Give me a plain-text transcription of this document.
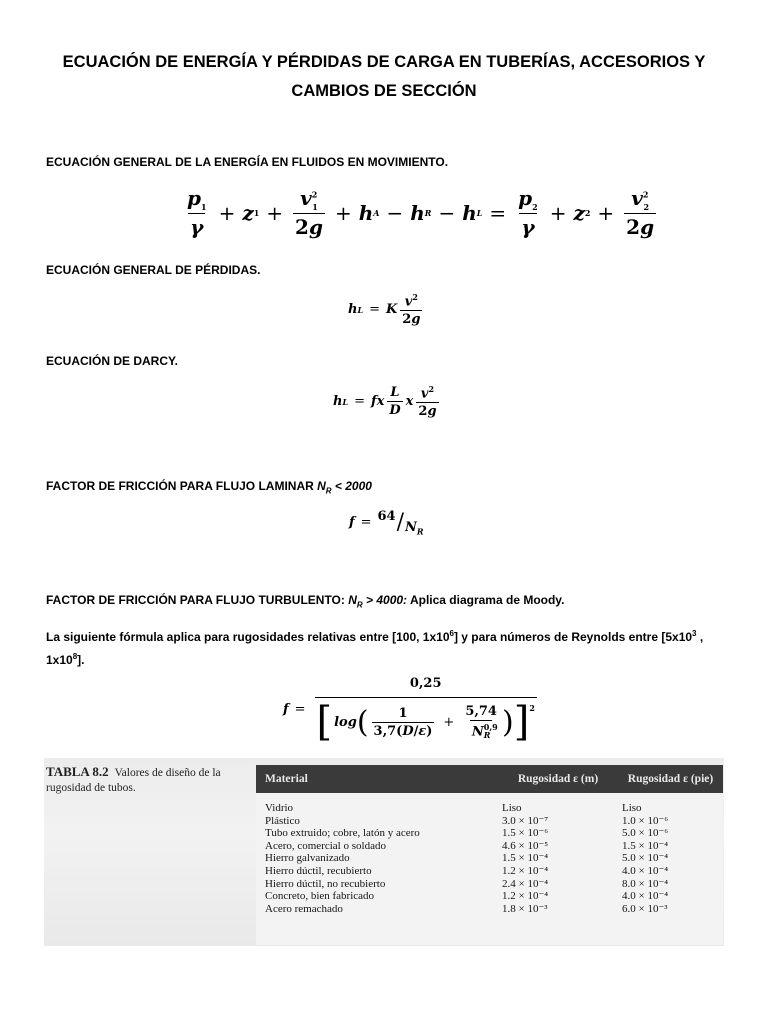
ECUACIÓN DE ENERGÍA Y PÉRDIDAS DE CARGA EN TUBERÍAS, ACCESORIOS Y
CAMBIOS DE SECCIÓN
ECUACIÓN GENERAL DE LA ENERGÍA EN FLUIDOS EN MOVIMIENTO.
$\frac{p_1}{\gamma} + z$ $1 + \frac{v^2_1}{2g} + h$ A − h R − h $L = \frac{p_2}{\gamma} + z$ $2 + \frac{v^2_2}{2g}$
ECUACIÓN GENERAL DE PÉRDIDAS.
h L = K $\frac{v^2}{2g}$
ECUACIÓN DE DARCY.
h L = f x $\frac{L}{D}$ x $\frac{v^2}{2g}$
FACTOR DE FRICCIÓN PARA FLUJO LAMINAR $N_R < 2000$
$f = 64 / N_R$
FACTOR DE FRICCIÓN PARA FLUJO TURBULENTO: $N_R > 4000$: Aplica diagrama de Moody.
La siguiente fórmula aplica para rugosidades relativas entre [100, $1x10^6$] y para números de Reynolds entre [$5x10^3$ , $1x10^8$].
f =
0,25
[ log ( $\frac{1}{3,7(D/\varepsilon)} + \frac{5,74}{N^{0,9}_R}$ ) ]$^2$
TABLA 8.2 Valores de diseño de la rugosidad de tubos.
Material	Rugosidad ε (m)	Rugosidad ε (pie)
Vidrio	Liso	Liso
Plástico	3.0 × 10⁻⁷	1.0 × 10⁻⁶
Tubo extruido; cobre, latón y acero	1.5 × 10⁻⁶	5.0 × 10⁻⁶
Acero, comercial o soldado	4.6 × 10⁻⁵	1.5 × 10⁻⁴
Hierro galvanizado	1.5 × 10⁻⁴	5.0 × 10⁻⁴
Hierro dúctil, recubierto	1.2 × 10⁻⁴	4.0 × 10⁻⁴
Hierro dúctil, no recubierto	2.4 × 10⁻⁴	8.0 × 10⁻⁴
Concreto, bien fabricado	1.2 × 10⁻⁴	4.0 × 10⁻⁴
Acero remachado	1.8 × 10⁻³	6.0 × 10⁻³
